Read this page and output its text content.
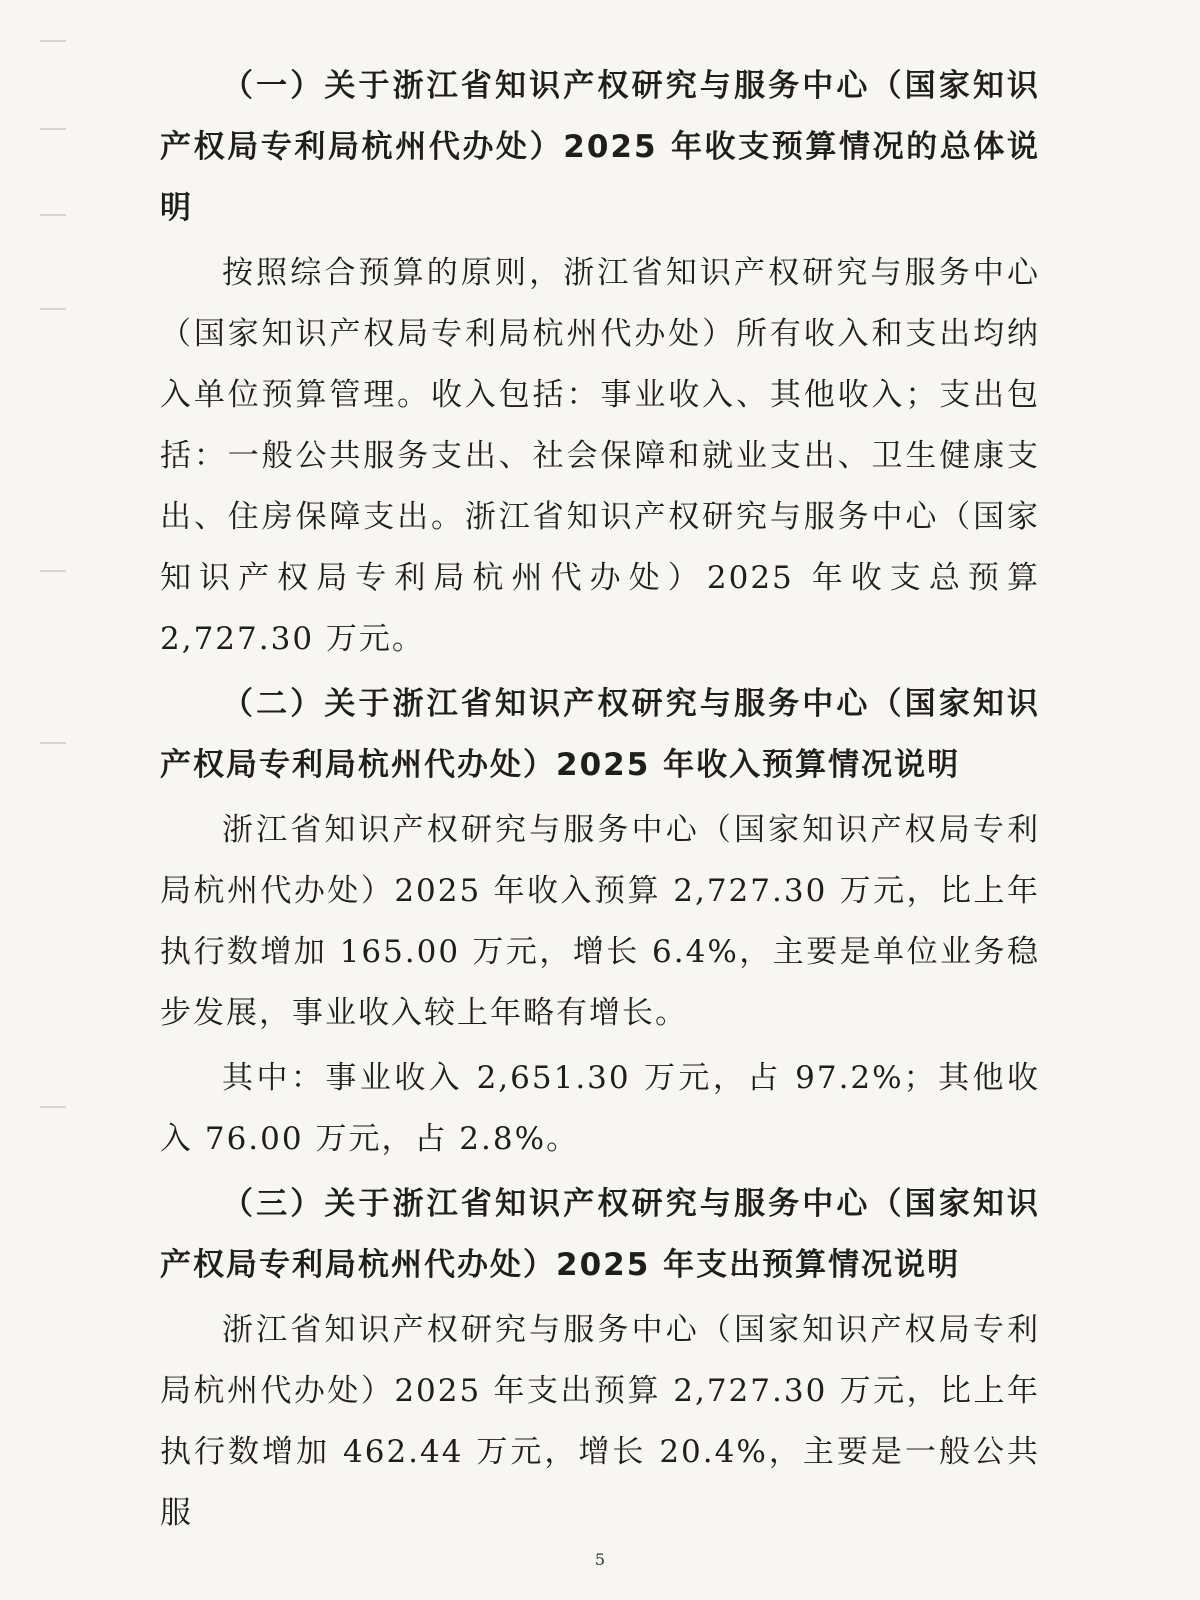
（一）关于浙江省知识产权研究与服务中心（国家知识产权局专利局杭州代办处）2025 年收支预算情况的总体说明

按照综合预算的原则，浙江省知识产权研究与服务中心（国家知识产权局专利局杭州代办处）所有收入和支出均纳入单位预算管理。收入包括：事业收入、其他收入；支出包括：一般公共服务支出、社会保障和就业支出、卫生健康支出、住房保障支出。浙江省知识产权研究与服务中心（国家知识产权局专利局杭州代办处）2025 年收支总预算 2,727.30 万元。

（二）关于浙江省知识产权研究与服务中心（国家知识产权局专利局杭州代办处）2025 年收入预算情况说明

浙江省知识产权研究与服务中心（国家知识产权局专利局杭州代办处）2025 年收入预算 2,727.30 万元，比上年执行数增加 165.00 万元，增长 6.4%，主要是单位业务稳步发展，事业收入较上年略有增长。

其中：事业收入 2,651.30 万元，占 97.2%；其他收入 76.00 万元，占 2.8%。

（三）关于浙江省知识产权研究与服务中心（国家知识产权局专利局杭州代办处）2025 年支出预算情况说明

浙江省知识产权研究与服务中心（国家知识产权局专利局杭州代办处）2025 年支出预算 2,727.30 万元，比上年执行数增加 462.44 万元，增长 20.4%，主要是一般公共服

5
